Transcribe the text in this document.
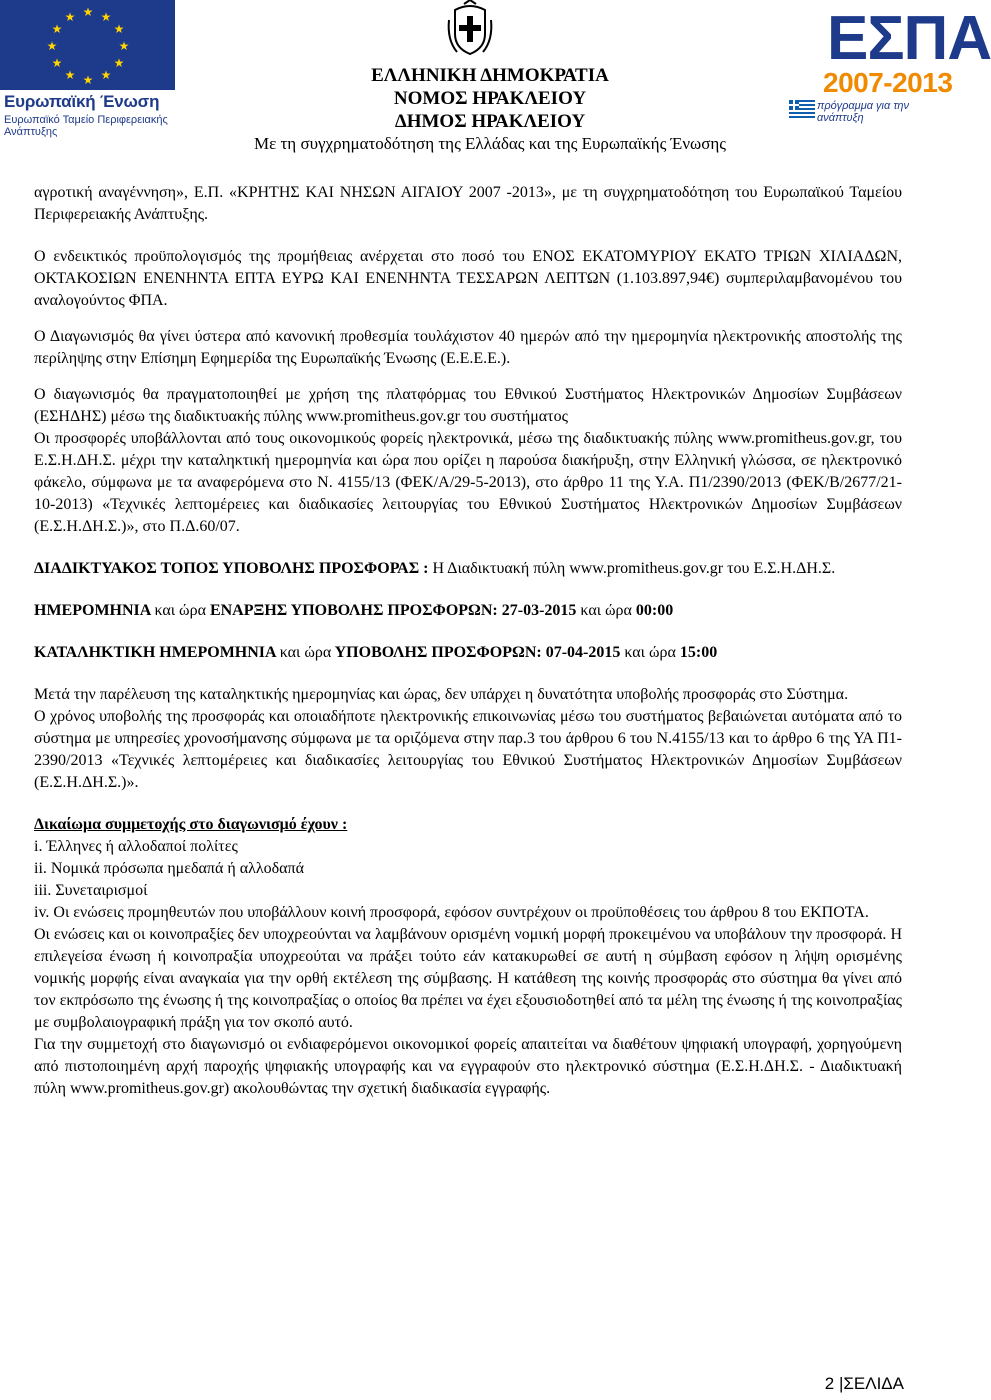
★ ★
★
★
★
★
★
★
★
★
★
★
Ευρωπαϊκή Ένωση
Ευρωπαϊκό Ταμείο Περιφερειακής Ανάπτυξης
ΕΛΛΗΝΙΚΗ ΔΗΜΟΚΡΑΤΙΑ
ΝΟΜΟΣ ΗΡΑΚΛΕΙΟΥ
ΔΗΜΟΣ ΗΡΑΚΛΕΙΟΥ
Με τη συγχρηματοδότηση της Ελλάδας και της Ευρωπαϊκής Ένωσης
ΕΣΠΑ
2007-2013
πρόγραμμα για την ανάπτυξη

αγροτική αναγέννηση», Ε.Π. «ΚΡΗΤΗΣ ΚΑΙ ΝΗΣΩΝ ΑΙΓΑΙΟΥ 2007 -2013», με τη συγχρηματοδότηση του Ευρωπαϊκού Ταμείου Περιφερειακής Ανάπτυξης.

Ο ενδεικτικός προϋπολογισμός της προμήθειας ανέρχεται στο ποσό του ΕΝΟΣ ΕΚΑΤΟΜΥΡΙΟΥ ΕΚΑΤΟ ΤΡΙΩΝ ΧΙΛΙΑΔΩΝ, ΟΚΤΑΚΟΣΙΩΝ ΕΝΕΝΗΝΤΑ ΕΠΤΑ ΕΥΡΩ ΚΑΙ ΕΝΕΝΗΝΤΑ ΤΕΣΣΑΡΩΝ ΛΕΠΤΩΝ (1.103.897,94€) συμπεριλαμβανομένου του αναλογούντος ΦΠΑ.

Ο Διαγωνισμός θα γίνει ύστερα από κανονική προθεσμία τουλάχιστον 40 ημερών από την ημερομηνία ηλεκτρονικής αποστολής της περίληψης στην Επίσημη Εφημερίδα της Ευρωπαϊκής Ένωσης (Ε.Ε.Ε.Ε.).

Ο διαγωνισμός θα πραγματοποιηθεί με χρήση της πλατφόρμας του Εθνικού Συστήματος Ηλεκτρονικών Δημοσίων Συμβάσεων (ΕΣΗΔΗΣ) μέσω της διαδικτυακής πύλης www.promitheus.gov.gr του συστήματος

Οι προσφορές υποβάλλονται από τους οικονομικούς φορείς ηλεκτρονικά, μέσω της διαδικτυακής πύλης www.promitheus.gov.gr, του Ε.Σ.Η.ΔΗ.Σ. μέχρι την καταληκτική ημερομηνία και ώρα που ορίζει η παρούσα διακήρυξη, στην Ελληνική γλώσσα, σε ηλεκτρονικό φάκελο, σύμφωνα με τα αναφερόμενα στο Ν. 4155/13 (ΦΕΚ/Α/29-5-2013), στο άρθρο 11 της Υ.Α. Π1/2390/2013 (ΦΕΚ/Β/2677/21-10-2013) «Τεχνικές λεπτομέρειες και διαδικασίες λειτουργίας του Εθνικού Συστήματος Ηλεκτρονικών Δημοσίων Συμβάσεων (Ε.Σ.Η.ΔΗ.Σ.)», στο Π.Δ.60/07.

ΔΙΑΔΙΚΤΥΑΚΟΣ ΤΟΠΟΣ ΥΠΟΒΟΛΗΣ ΠΡΟΣΦΟΡΑΣ : Η Διαδικτυακή πύλη www.promitheus.gov.gr του Ε.Σ.Η.ΔΗ.Σ.

ΗΜΕΡΟΜΗΝΙΑ και ώρα ΕΝΑΡΞΗΣ ΥΠΟΒΟΛΗΣ ΠΡΟΣΦΟΡΩΝ: 27-03-2015 και ώρα 00:00

ΚΑΤΑΛΗΚΤΙΚΗ ΗΜΕΡΟΜΗΝΙΑ και ώρα ΥΠΟΒΟΛΗΣ ΠΡΟΣΦΟΡΩΝ: 07-04-2015 και ώρα 15:00

Μετά την παρέλευση της καταληκτικής ημερομηνίας και ώρας, δεν υπάρχει η δυνατότητα υποβολής προσφοράς στο Σύστημα.

Ο χρόνος υποβολής της προσφοράς και οποιαδήποτε ηλεκτρονικής επικοινωνίας μέσω του συστήματος βεβαιώνεται αυτόματα από το σύστημα με υπηρεσίες χρονοσήμανσης σύμφωνα με τα οριζόμενα στην παρ.3 του άρθρου 6 του Ν.4155/13 και το άρθρο 6 της ΥΑ Π1-2390/2013 «Τεχνικές λεπτομέρειες και διαδικασίες λειτουργίας του Εθνικού Συστήματος Ηλεκτρονικών Δημοσίων Συμβάσεων (Ε.Σ.Η.ΔΗ.Σ.)».

Δικαίωμα συμμετοχής στο διαγωνισμό έχουν :

i. Έλληνες ή αλλοδαποί πολίτες

ii. Νομικά πρόσωπα ημεδαπά ή αλλοδαπά

iii. Συνεταιρισμοί

iv. Οι ενώσεις προμηθευτών που υποβάλλουν κοινή προσφορά, εφόσον συντρέχουν οι προϋποθέσεις του άρθρου 8 του ΕΚΠΟΤΑ.

Οι ενώσεις και οι κοινοπραξίες δεν υποχρεούνται να λαμβάνουν ορισμένη νομική μορφή προκειμένου να υποβάλουν την προσφορά. Η επιλεγείσα ένωση ή κοινοπραξία υποχρεούται να πράξει τούτο εάν κατακυρωθεί σε αυτή η σύμβαση εφόσον η λήψη ορισμένης νομικής μορφής είναι αναγκαία για την ορθή εκτέλεση της σύμβασης. Η κατάθεση της κοινής προσφοράς στο σύστημα θα γίνει από τον εκπρόσωπο της ένωσης ή της κοινοπραξίας ο οποίος θα πρέπει να έχει εξουσιοδοτηθεί από τα μέλη της ένωσης ή της κοινοπραξίας με συμβολαιογραφική πράξη για τον σκοπό αυτό.

Για την συμμετοχή στο διαγωνισμό οι ενδιαφερόμενοι οικονομικοί φορείς απαιτείται να διαθέτουν ψηφιακή υπογραφή, χορηγούμενη από πιστοποιημένη αρχή παροχής ψηφιακής υπογραφής και να εγγραφούν στο ηλεκτρονικό σύστημα (Ε.Σ.Η.ΔΗ.Σ. - Διαδικτυακή πύλη www.promitheus.gov.gr) ακολουθώντας την σχετική διαδικασία εγγραφής.

2 |ΣΕΛΙΔΑ
